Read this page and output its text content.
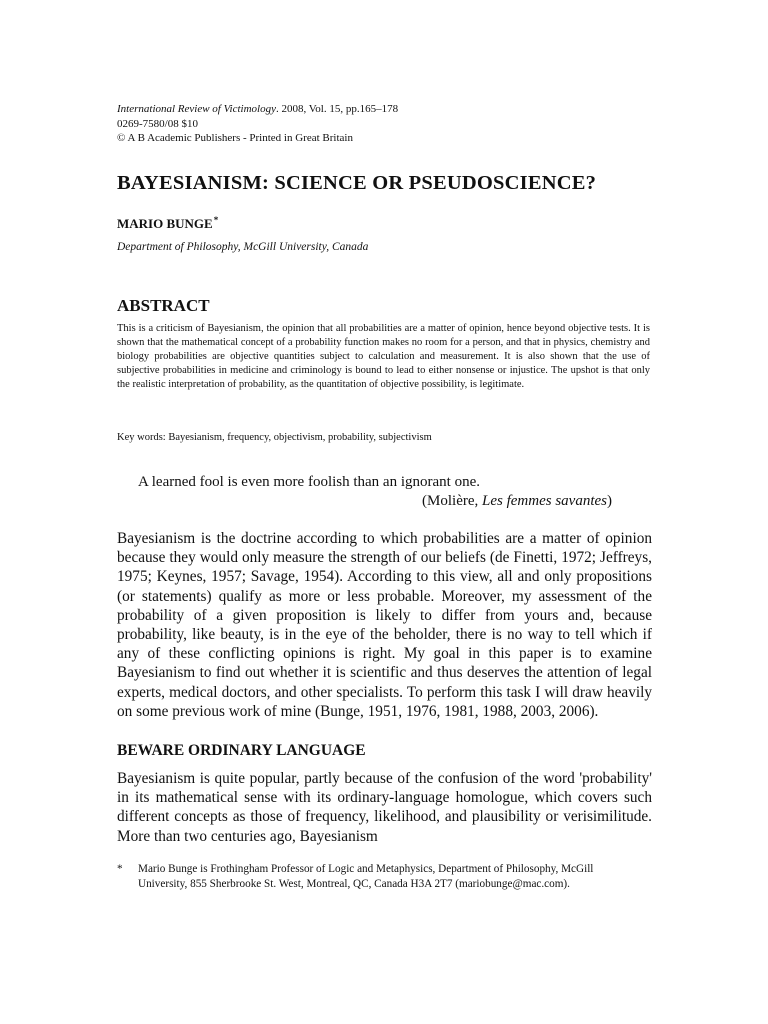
International Review of Victimology. 2008, Vol. 15, pp.165–178
0269-7580/08 $10
© A B Academic Publishers - Printed in Great Britain
BAYESIANISM: SCIENCE OR PSEUDOSCIENCE?
MARIO BUNGE*
Department of Philosophy, McGill University, Canada
ABSTRACT

This is a criticism of Bayesianism, the opinion that all probabilities are a matter of opinion, hence beyond objective tests. It is shown that the mathematical concept of a probability function makes no room for a person, and that in physics, chemistry and biology probabilities are objective quantities subject to calculation and measurement. It is also shown that the use of subjective probabilities in medicine and criminology is bound to lead to either nonsense or injustice. The upshot is that only the realistic interpretation of probability, as the quantitation of objective possibility, is legitimate.

Key words: Bayesianism, frequency, objectivism, probability, subjectivism
A learned fool is even more foolish than an ignorant one.
(Molière, Les femmes savantes)

Bayesianism is the doctrine according to which probabilities are a matter of opinion because they would only measure the strength of our beliefs (de Finetti, 1972; Jeffreys, 1975; Keynes, 1957; Savage, 1954). According to this view, all and only propositions (or statements) qualify as more or less probable. Moreover, my assessment of the probability of a given proposition is likely to differ from yours and, because probability, like beauty, is in the eye of the beholder, there is no way to tell which if any of these conflicting opinions is right. My goal in this paper is to examine Bayesianism to find out whether it is scientific and thus deserves the attention of legal experts, medical doctors, and other specialists. To perform this task I will draw heavily on some previous work of mine (Bunge, 1951, 1976, 1981, 1988, 2003, 2006).

BEWARE ORDINARY LANGUAGE

Bayesianism is quite popular, partly because of the confusion of the word 'probability' in its mathematical sense with its ordinary-language homologue, which covers such different concepts as those of frequency, likelihood, and plausibility or verisimilitude. More than two centuries ago, Bayesianism

* Mario Bunge is Frothingham Professor of Logic and Metaphysics, Department of Philosophy, McGill University, 855 Sherbrooke St. West, Montreal, QC, Canada H3A 2T7 (mariobunge@mac.com).
